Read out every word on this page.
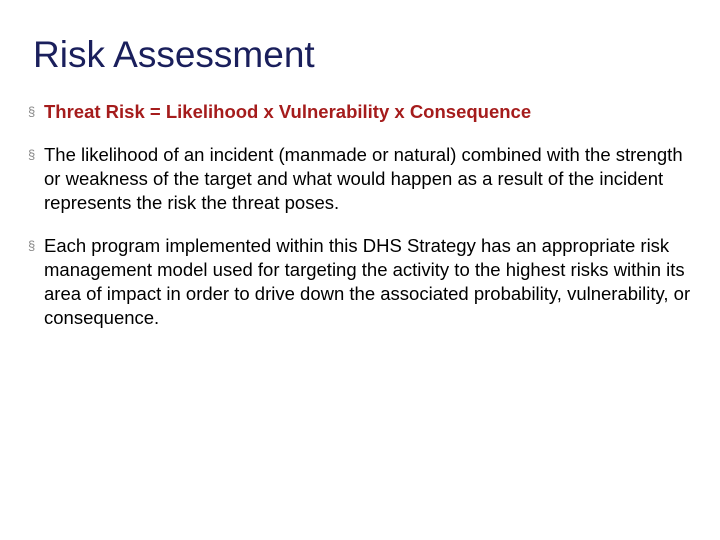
Risk Assessment
§ Threat Risk = Likelihood x Vulnerability x Consequence
§ The likelihood of an incident (manmade or natural) combined with the strength or weakness of the target and what would happen as a result of the incident represents the risk the threat poses.
§ Each program implemented within this DHS Strategy has an appropriate risk management model used for targeting the activity to the highest risks within its area of impact in order to drive down the associated probability, vulnerability, or consequence.
